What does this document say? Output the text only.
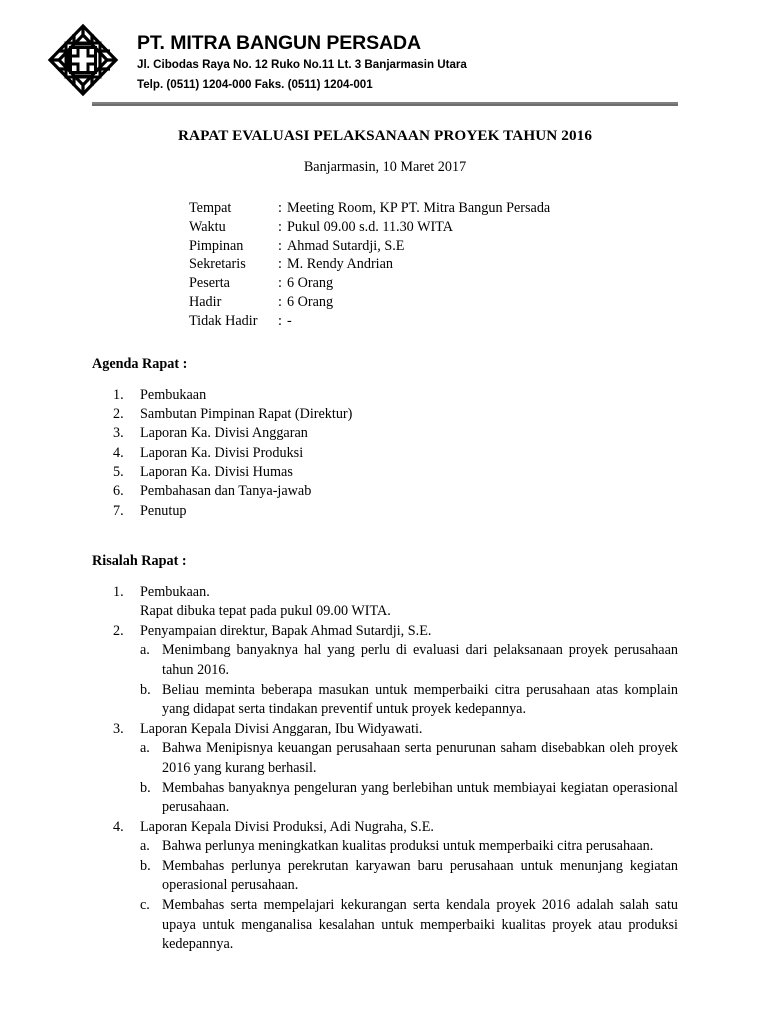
PT. MITRA BANGUN PERSADA
Jl. Cibodas Raya No. 12 Ruko No.11 Lt. 3 Banjarmasin Utara
Telp. (0511) 1204-000 Faks. (0511) 1204-001
RAPAT EVALUASI PELAKSANAAN PROYEK TAHUN 2016
Banjarmasin, 10 Maret 2017
Tempat	:	Meeting Room, KP PT. Mitra Bangun Persada
Waktu	:	Pukul 09.00 s.d. 11.30 WITA
Pimpinan	:	Ahmad Sutardji, S.E
Sekretaris	:	M. Rendy Andrian
Peserta	:	6 Orang
Hadir	:	6 Orang
Tidak Hadir	:	-
Agenda Rapat :
1.	Pembukaan
2.	Sambutan Pimpinan Rapat (Direktur)
3.	Laporan Ka. Divisi Anggaran
4.	Laporan Ka. Divisi Produksi
5.	Laporan Ka. Divisi Humas
6.	Pembahasan dan Tanya-jawab
7.	Penutup
Risalah Rapat :
1.	Pembukaan.
Rapat dibuka tepat pada pukul 09.00 WITA.
2.	Penyampaian direktur, Bapak Ahmad Sutardji, S.E.
a. Menimbang banyaknya hal yang perlu di evaluasi dari pelaksanaan proyek perusahaan tahun 2016.
b. Beliau meminta beberapa masukan untuk memperbaiki citra perusahaan atas komplain yang didapat serta tindakan preventif untuk proyek kedepannya.
3.	Laporan Kepala Divisi Anggaran, Ibu Widyawati.
a. Bahwa Menipisnya keuangan perusahaan serta penurunan saham disebabkan oleh proyek 2016 yang kurang berhasil.
b. Membahas banyaknya pengeluran yang berlebihan untuk membiayai kegiatan operasional perusahaan.
4.	Laporan Kepala Divisi Produksi, Adi Nugraha, S.E.
a. Bahwa perlunya meningkatkan kualitas produksi untuk memperbaiki citra perusahaan.
b. Membahas perlunya perekrutan karyawan baru perusahaan untuk menunjang kegiatan operasional perusahaan.
c. Membahas serta mempelajari kekurangan serta kendala proyek 2016 adalah salah satu upaya untuk menganalisa kesalahan untuk memperbaiki kualitas proyek atau produksi kedepannya.
